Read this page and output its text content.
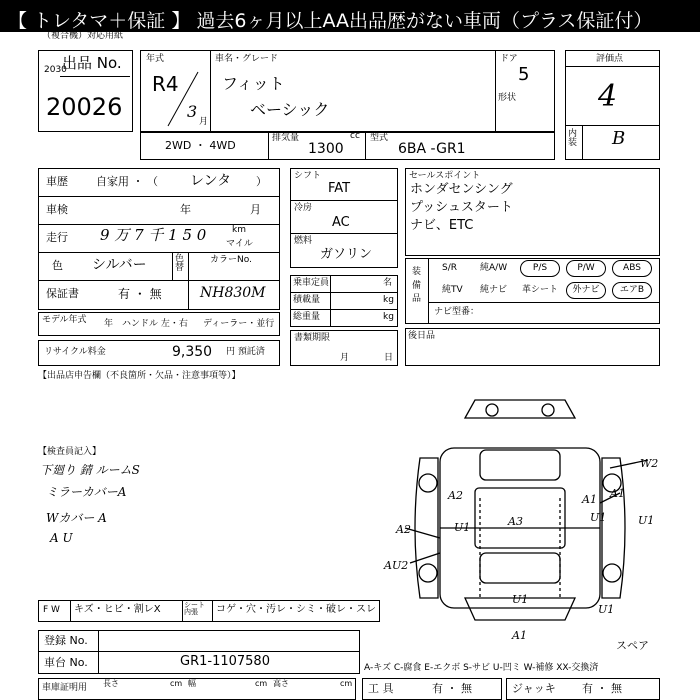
【 トレタマ＋保証 】 過去6ヶ月以上AA出品歴がない車両（プラス保証付）
（複合機）対応用紙
出品 No.
2030
20026
年式
R4
3
月
車名・グレード
フィット
ベーシック
ドア
5
形状
評価点
4
内装 B
2WD ・ 4WD
排気量	cc
1300
型式
6BA -GR1
車歴	自家用 ・ （ レンタ ）
車検	年	月
走行 9 万 7 千 1 5 0	km
マイル
色 シルバー	色替
カラーNo.
保証書	有 ・ 無	NH830M
モデル年式 年 ハンドル 左・右 ディーラー・並行
リサイクル料金	9,350 円 預託済
【出品店申告欄（不良箇所・欠品・注意事項等）】
シフト
FAT
冷房
AC
燃料
ガソリン
乗車定員	名
積載量	kg
総重量	kg
書類期限
月	日
セールスポイント
ホンダセンシング
プッシュスタート
ナビ、ETC
装備品
S/R	純A/W	P/S	P/W	ABS
純TV 純ナビ 革シート	外ナビ	エアB
ナビ型番：
後日品
【検査員記入】
下廻り 錆 ルームS
ミラーカバーA
Wカバー A
A U
W2
A2	A1
A3
A1
U1
U1	U1
A2
AU2
U1
U1
A1
スペア
F W キズ・ヒビ・割レX	シート内張	コゲ・穴・汚レ・シミ・破レ・スレ
登録 No.
車台 No.	GR1-1107580	A-キズ C-腐食 E-エクボ S-サビ U-凹ミ W-補修 XX-交換済
車庫証明用 長さ	cm 幅	cm 高さ	cm 工 具	有 ・ 無	ジャッキ 有 ・ 無
